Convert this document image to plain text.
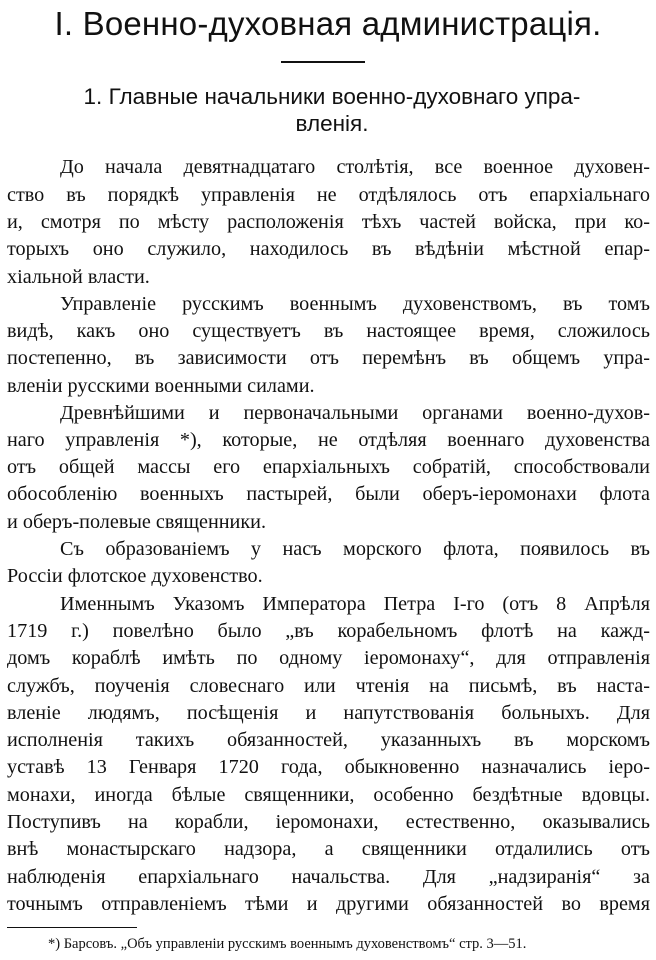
I. Военно-духовная администрація.
1. Главные начальники военно-духовнаго упра-
вленія.
До начала девятнадцатаго столѣтія, все военное духовен-
ство въ порядкѣ управленія не отдѣлялось отъ епархіальнаго
и, смотря по мѣсту расположенія тѣхъ частей войска, при ко-
торыхъ оно служило, находилось въ вѣдѣніи мѣстной епар-
хіальной власти.
Управленіе русскимъ военнымъ духовенствомъ, въ томъ
видѣ, какъ оно существуетъ въ настоящее время, сложилось
постепенно, въ зависимости отъ перемѣнъ въ общемъ упра-
вленіи русскими военными силами.
Древнѣйшими и первоначальными органами военно-духов-
наго управленія *), которые, не отдѣляя военнаго духовенства
отъ общей массы его епархіальныхъ собратій, способствовали
обособленію военныхъ пастырей, были оберъ-іеромонахи флота
и оберъ-полевые священники.
Съ образованіемъ у насъ морского флота, появилось въ
Россіи флотское духовенство.
Именнымъ Указомъ Императора Петра I-го (отъ 8 Апрѣля
1719 г.) повелѣно было „въ корабельномъ флотѣ на кажд-
домъ кораблѣ имѣть по одному іеромонаху“, для отправленія
службъ, поученія словеснаго или чтенія на письмѣ, въ наста-
вленіе людямъ, посѣщенія и напутствованія больныхъ. Для
исполненія такихъ обязанностей, указанныхъ въ морскомъ
уставѣ 13 Генваря 1720 года, обыкновенно назначались іеро-
монахи, иногда бѣлые священники, особенно бездѣтные вдовцы.
Поступивъ на корабли, іеромонахи, естественно, оказывались
внѣ монастырскаго надзора, а священники отдалились отъ
наблюденія епархіальнаго начальства. Для „надзиранія“ за
точнымъ отправленіемъ тѣми и другими обязанностей во время
*) Барсовъ. „Объ управленіи русскимъ военнымъ духовенствомъ“ стр. 3—51.
